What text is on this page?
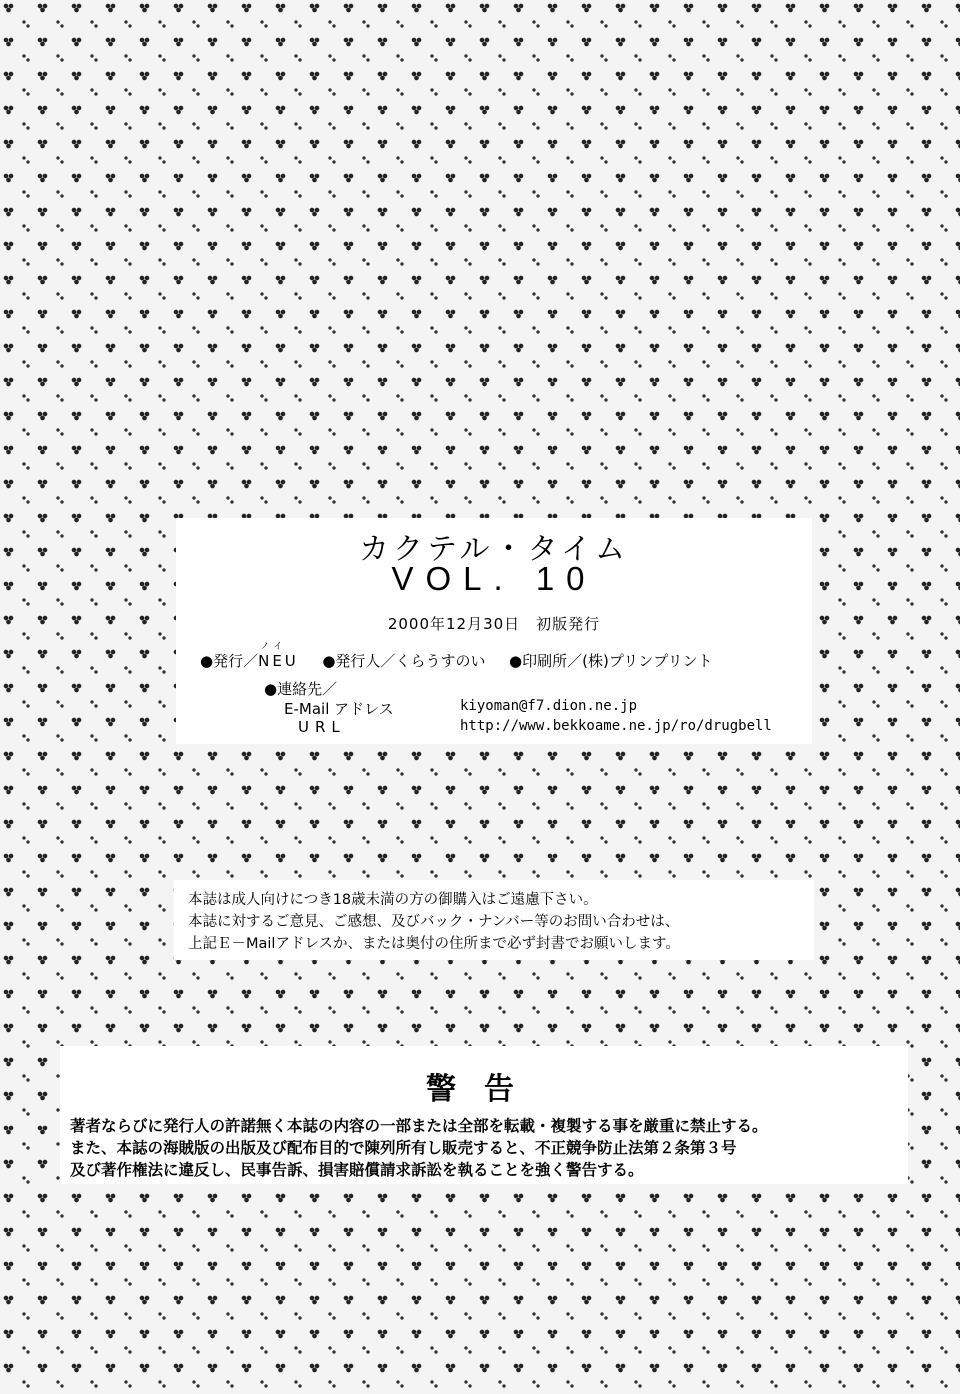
カクテル・タイム
VOL. 10
2000年12月30日　初版発行
●発行／
ノイ
NEU ●発行人／くらうすのい ●印刷所／(株)プリンプリント
●連絡先／
E-Mail アドレス	kiyoman@f7.dion.ne.jp
URL	http://www.bekkoame.ne.jp/ro/drugbell
本誌は成人向けにつき18歳未満の方の御購入はご遠慮下さい。
本誌に対するご意見、ご感想、及びバック・ナンバー等のお問い合わせは、
上記Ｅ－Mailアドレスか、または奥付の住所まで必ず封書でお願いします。
警告
著者ならびに発行人の許諾無く本誌の内容の一部または全部を転載・複製する事を厳重に禁止する。
また、本誌の海賊版の出版及び配布目的で陳列所有し販売すると、不正競争防止法第２条第３号
及び著作権法に違反し、民事告訴、損害賠償請求訴訟を執ることを強く警告する。
